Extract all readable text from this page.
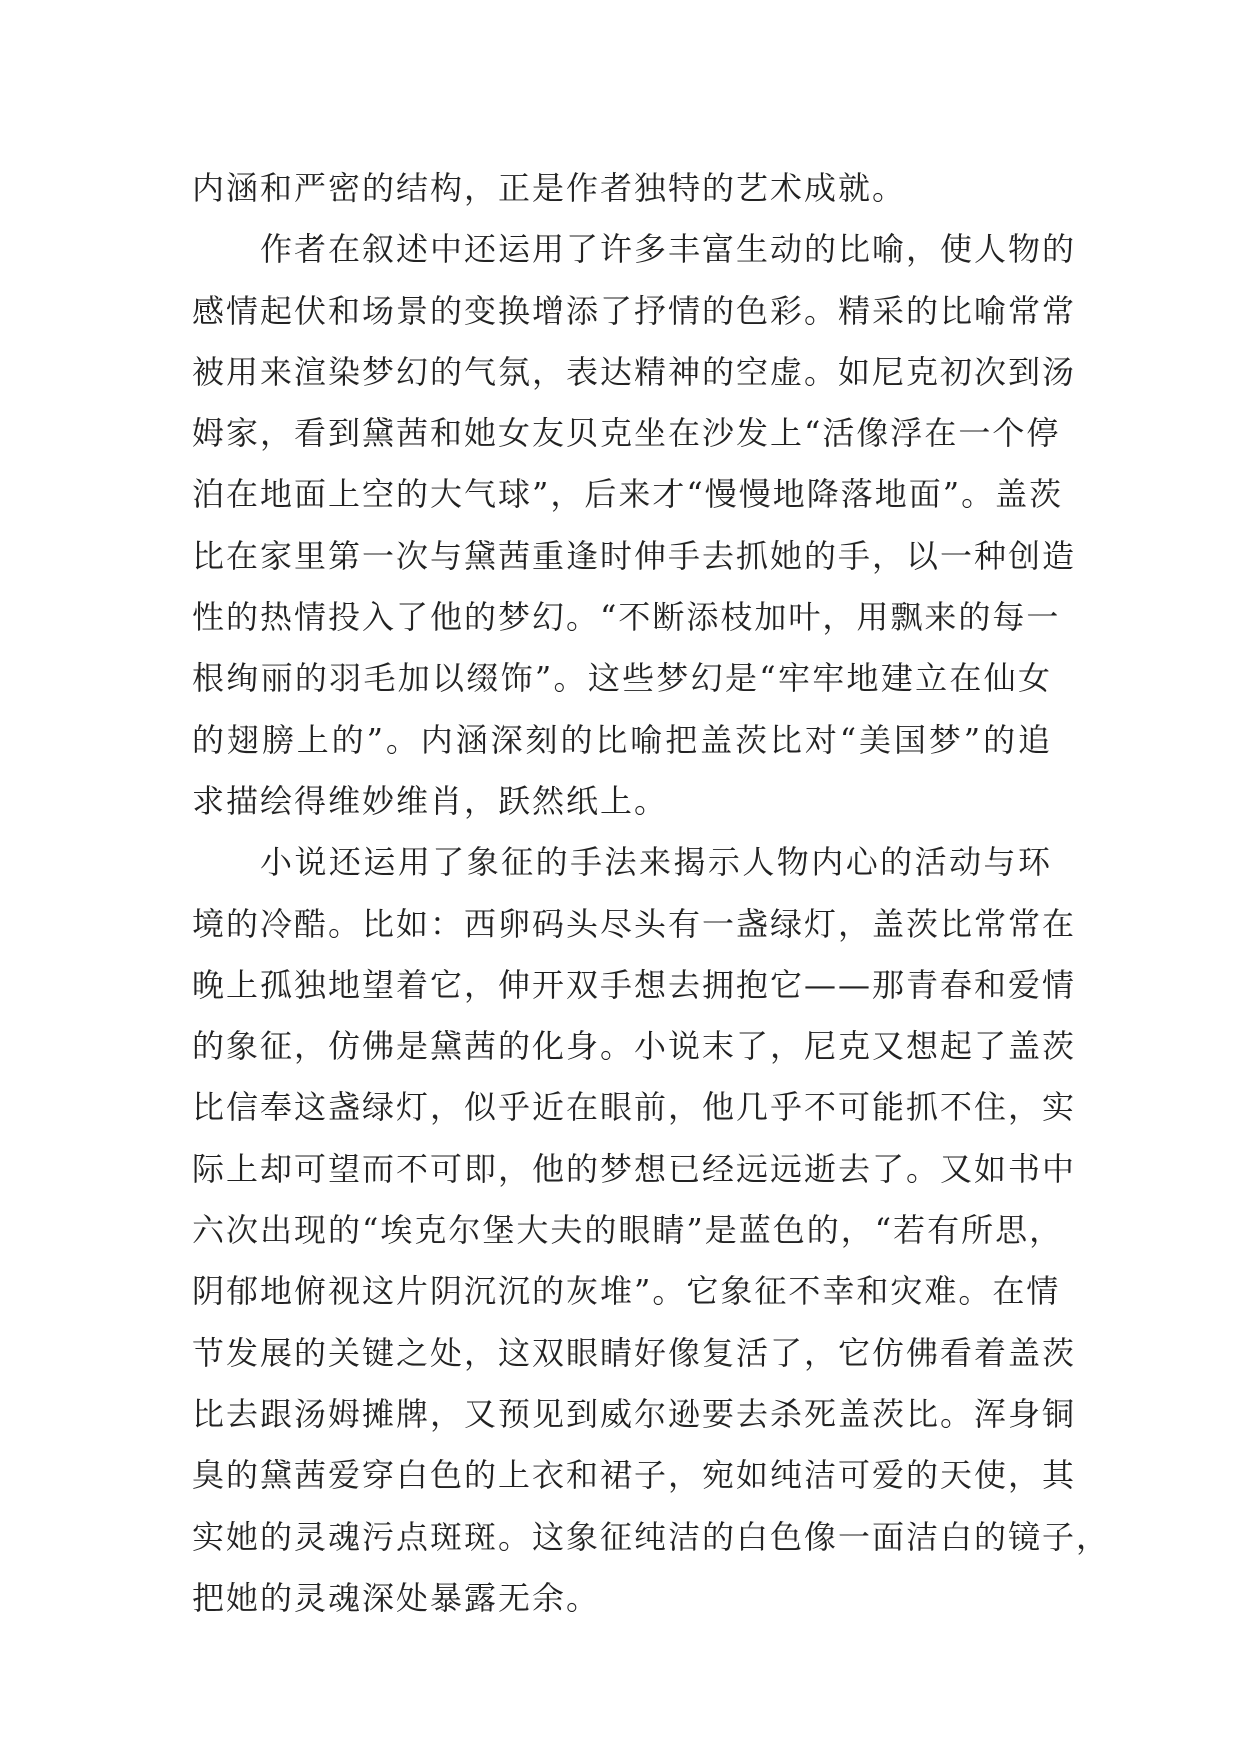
内涵和严密的结构，正是作者独特的艺术成就。
作者在叙述中还运用了许多丰富生动的比喻，使人物的
感情起伏和场景的变换增添了抒情的色彩。精采的比喻常常
被用来渲染梦幻的气氛，表达精神的空虚。如尼克初次到汤
姆家，看到黛茜和她女友贝克坐在沙发上“活像浮在一个停
泊在地面上空的大气球”，后来才“慢慢地降落地面”。盖茨
比在家里第一次与黛茜重逢时伸手去抓她的手，以一种创造
性的热情投入了他的梦幻。“不断添枝加叶，用飘来的每一
根绚丽的羽毛加以缀饰”。这些梦幻是“牢牢地建立在仙女
的翅膀上的”。内涵深刻的比喻把盖茨比对“美国梦”的追
求描绘得维妙维肖，跃然纸上。
小说还运用了象征的手法来揭示人物内心的活动与环
境的冷酷。比如：西卵码头尽头有一盏绿灯，盖茨比常常在
晚上孤独地望着它，伸开双手想去拥抱它——那青春和爱情
的象征，仿佛是黛茜的化身。小说末了，尼克又想起了盖茨
比信奉这盏绿灯，似乎近在眼前，他几乎不可能抓不住，实
际上却可望而不可即，他的梦想已经远远逝去了。又如书中
六次出现的“埃克尔堡大夫的眼睛”是蓝色的，“若有所思，
阴郁地俯视这片阴沉沉的灰堆”。它象征不幸和灾难。在情
节发展的关键之处，这双眼睛好像复活了，它仿佛看着盖茨
比去跟汤姆摊牌，又预见到威尔逊要去杀死盖茨比。浑身铜
臭的黛茜爱穿白色的上衣和裙子，宛如纯洁可爱的天使，其
实她的灵魂污点斑斑。这象征纯洁的白色像一面洁白的镜子，
把她的灵魂深处暴露无余。
